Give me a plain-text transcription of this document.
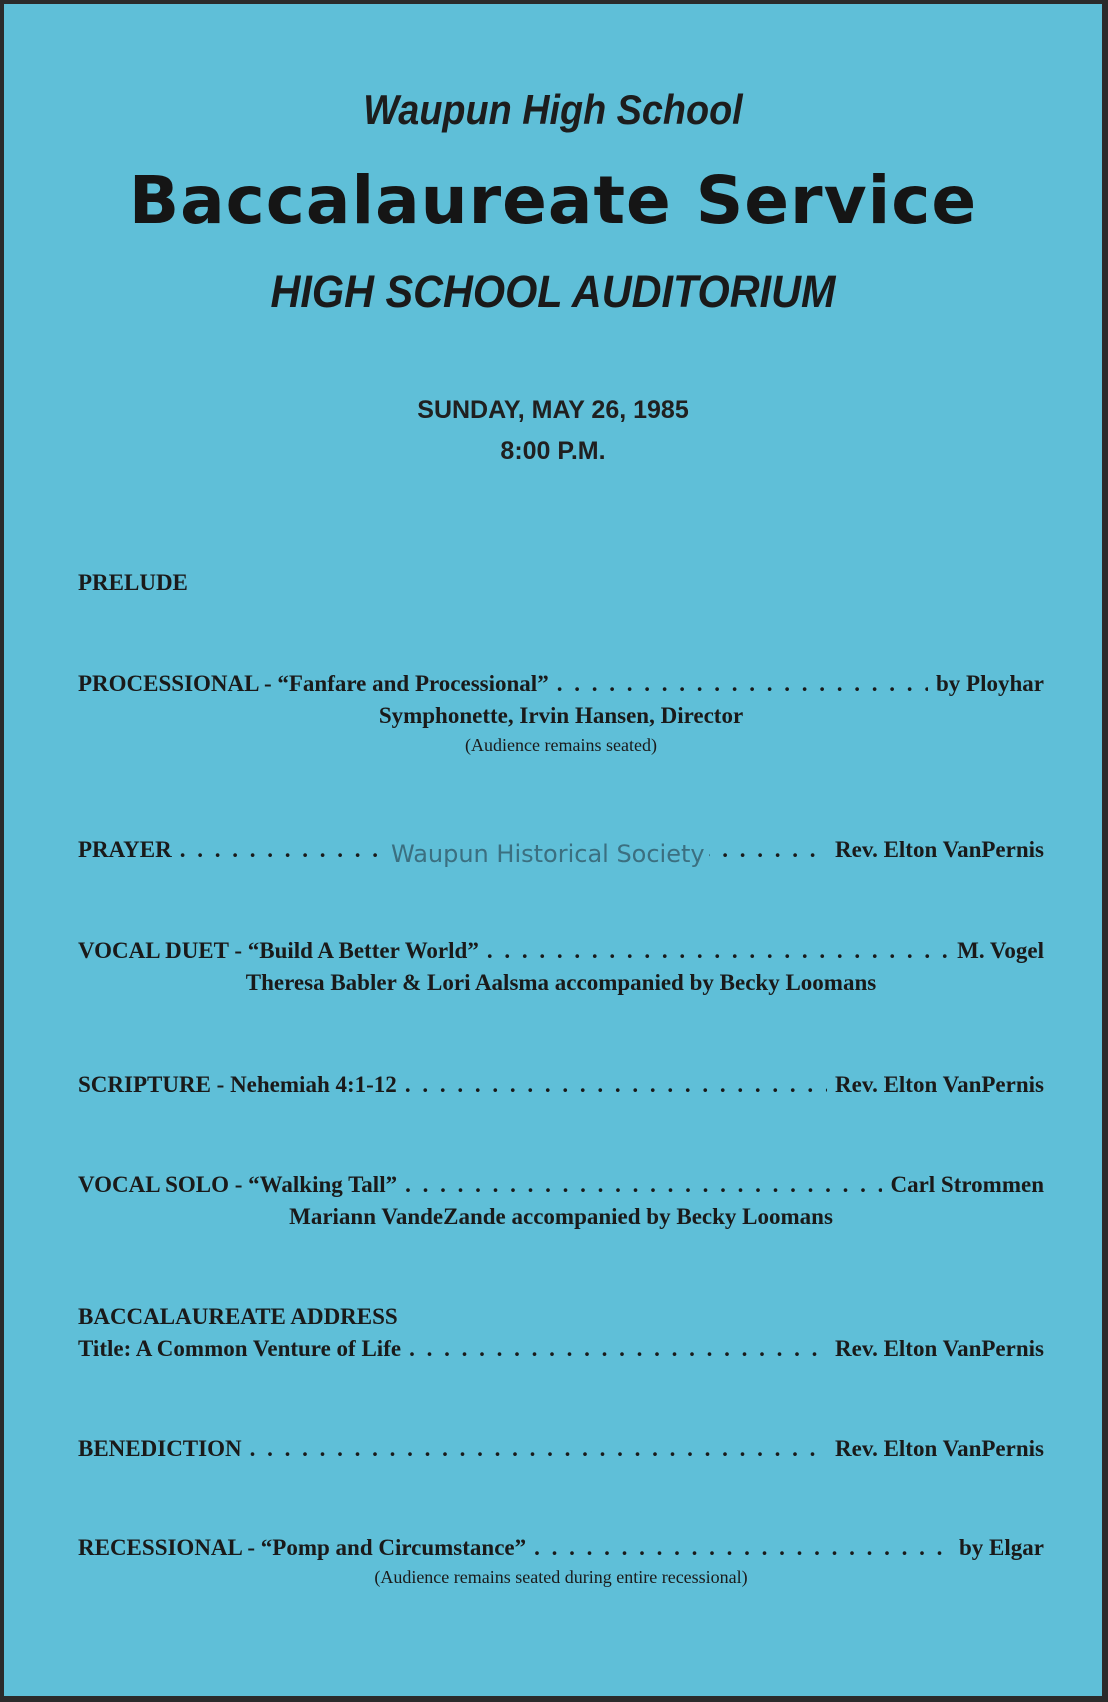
Waupun High School
Baccalaureate Service
HIGH SCHOOL AUDITORIUM
SUNDAY, MAY 26, 1985
8:00 P.M.
PRELUDE
PROCESSIONAL - “Fanfare and Processional” . . .	by Ployhar
Symphonette, Irvin Hansen, Director
(Audience remains seated)
PRAYER . . .	Rev. Elton VanPernis
Waupun Historical Society
VOCAL DUET - “Build A Better World” . . .	M. Vogel
Theresa Babler & Lori Aalsma accompanied by Becky Loomans
SCRIPTURE - Nehemiah 4:1-12 . . .	Rev. Elton VanPernis
VOCAL SOLO - “Walking Tall” . . .	Carl Strommen
Mariann VandeZande accompanied by Becky Loomans
BACCALAUREATE ADDRESS
Title: A Common Venture of Life . . .	Rev. Elton VanPernis
BENEDICTION . . .	Rev. Elton VanPernis
RECESSIONAL - “Pomp and Circumstance” . . .	by Elgar
(Audience remains seated during entire recessional)
